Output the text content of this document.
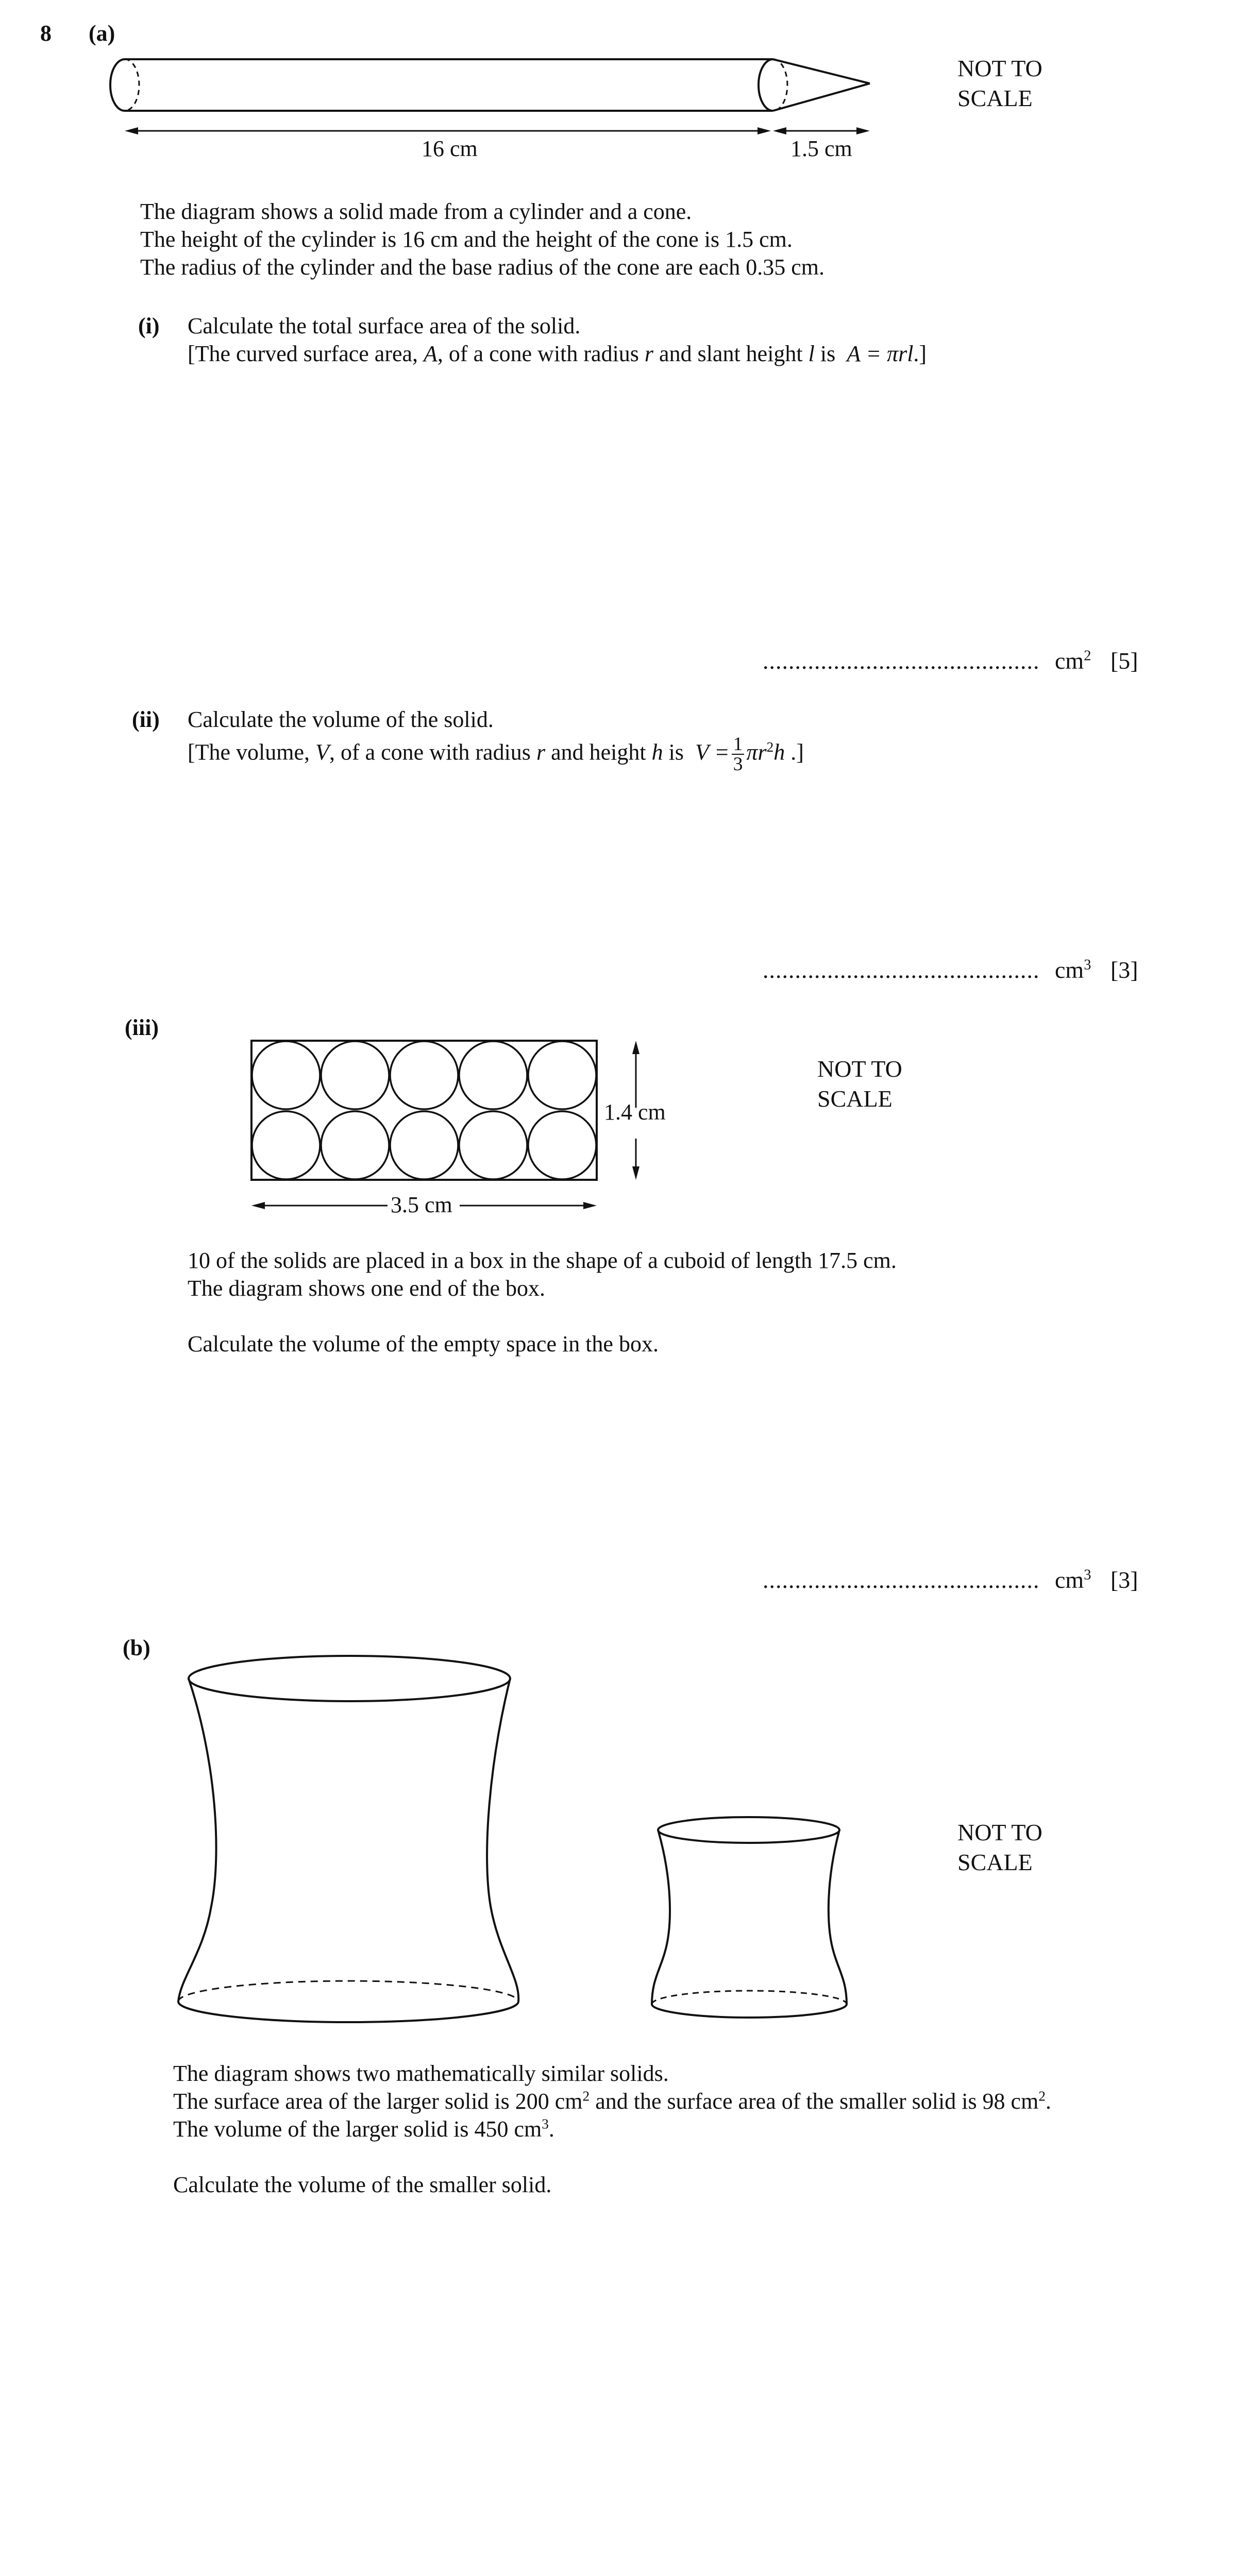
8 (a)
16 cm	1.5 cm
NOT TO
SCALE
The diagram shows a solid made from a cylinder and a cone.
The height of the cylinder is 16 cm and the height of the cone is 1.5 cm.
The radius of the cylinder and the base radius of the cone are each 0.35 cm.
(i) Calculate the total surface area of the solid.
[The curved surface area, A, of a cone with radius r and slant height l is  A = πrl.]
........................................... $cm^2$ [5]
(ii) Calculate the volume of the solid.
[The volume, V, of a cone with radius r and height h is  $V = \frac{1}{3} \pi r^2h$ .]
........................................... $cm^3$ [3]
(iii)
1.4 cm
3.5 cm
NOT TO
SCALE
10 of the solids are placed in a box in the shape of a cuboid of length 17.5 cm.
The diagram shows one end of the box.
Calculate the volume of the empty space in the box.
........................................... $cm^3$ [3]
(b)
NOT TO
SCALE
The diagram shows two mathematically similar solids.
The surface area of the larger solid is 200 $cm^2$ and the surface area of the smaller solid is 98 $cm^2$.
The volume of the larger solid is 450 $cm^3$.
Calculate the volume of the smaller solid.
